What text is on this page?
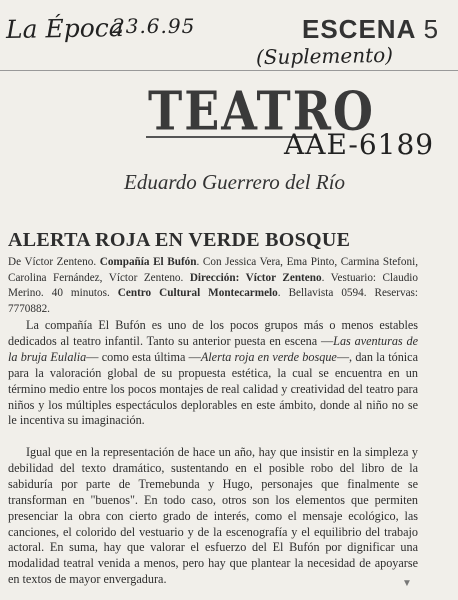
La Época
23.6.95	ESCENA 5
(Suplemento)
TEATRO
AAE-6189
Eduardo Guerrero del Río
ALERTA ROJA EN VERDE BOSQUE
De Víctor Zenteno. Compañía El Bufón. Con Jessica Vera, Ema Pinto, Carmina Stefoni, Carolina Fernández, Víctor Zenteno. Dirección: Víctor Zenteno. Vestuario: Claudio Merino. 40 minutos. Centro Cultural Montecarmelo. Bellavista 0594. Reservas: 7770882.

La compañía El Bufón es uno de los pocos grupos más o menos estables dedicados al teatro infantil. Tanto su anterior puesta en escena —Las aventuras de la bruja Eulalia— como esta última —Alerta roja en verde bosque—, dan la tónica para la valoración global de su propuesta estética, la cual se encuentra en un término medio entre los pocos montajes de real calidad y creatividad del teatro para niños y los múltiples espectáculos deplorables en este ámbito, donde al niño no se le incentiva su imaginación.

Igual que en la representación de hace un año, hay que insistir en la simpleza y debilidad del texto dramático, sustentando en el posible robo del libro de la sabiduría por parte de Tremebunda y Hugo, personajes que finalmente se transforman en "buenos". En todo caso, otros son los elementos que permiten presenciar la obra con cierto grado de interés, como el mensaje ecológico, las canciones, el colorido del vestuario y de la escenografía y el equilibrio del trabajo actoral. En suma, hay que valorar el esfuerzo del El Bufón por dignificar una modalidad teatral venida a menos, pero hay que plantear la necesidad de apoyarse en textos de mayor envergadura.	▼
